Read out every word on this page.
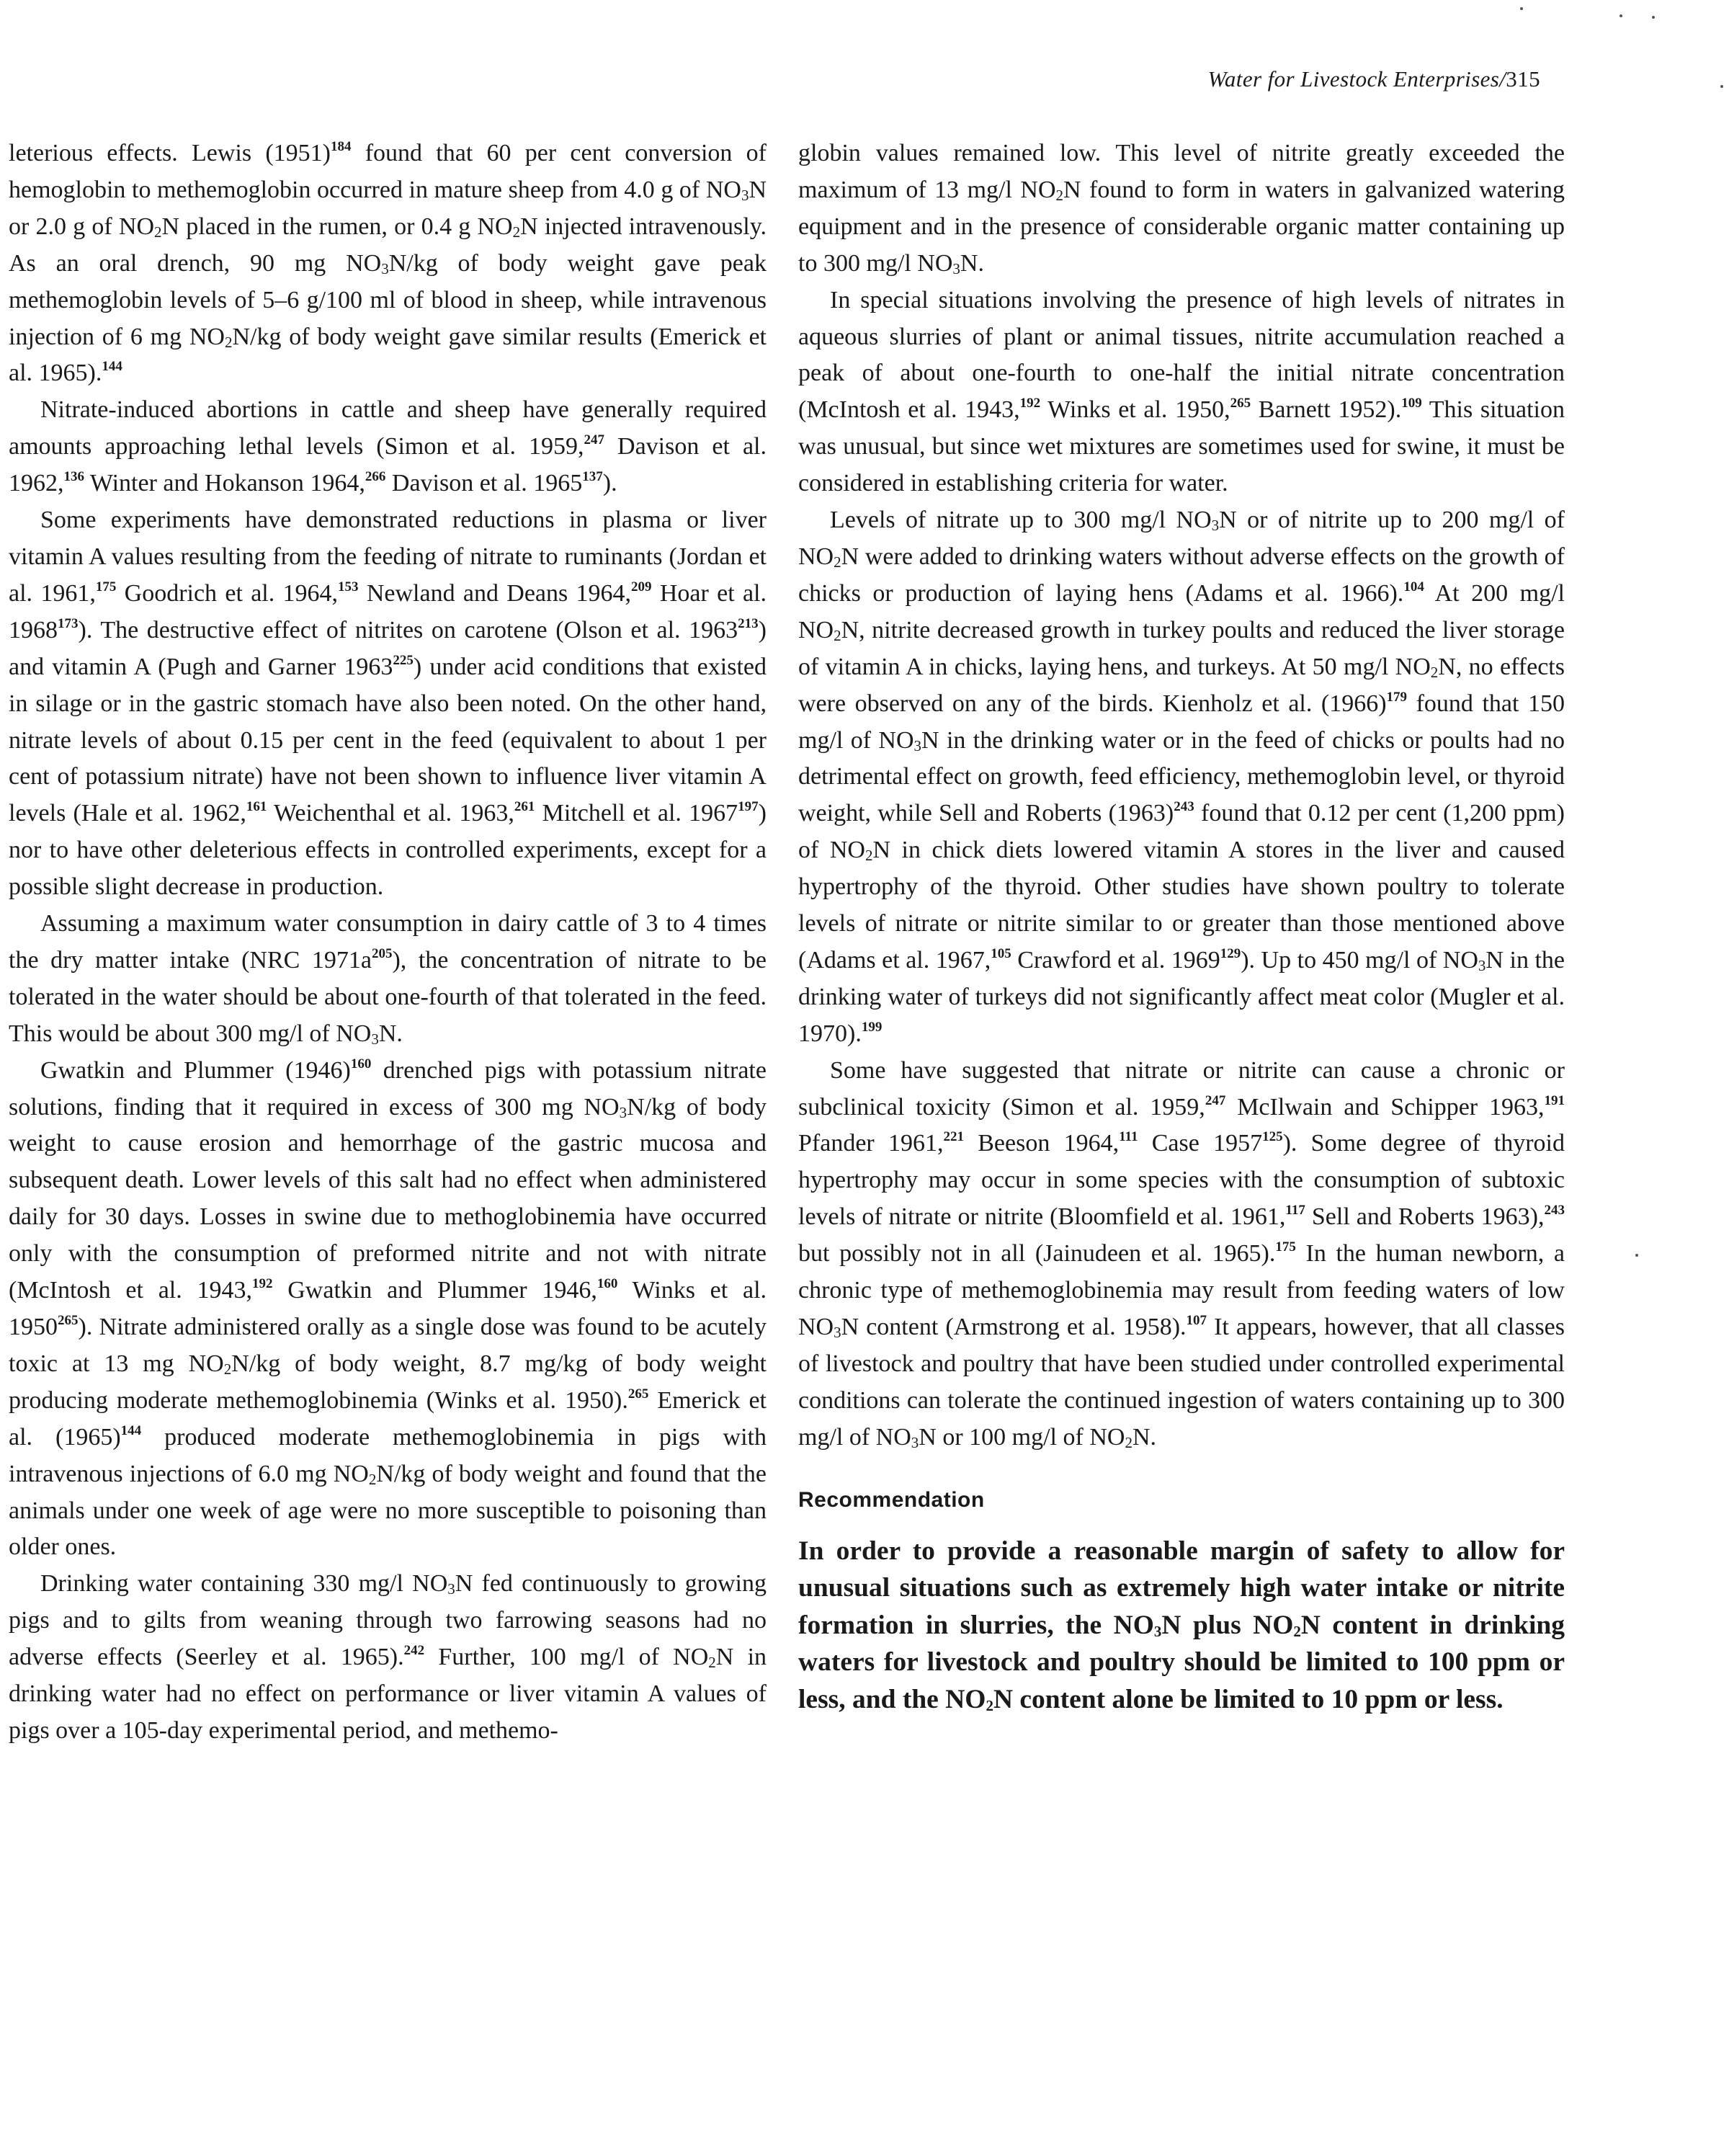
Water for Livestock Enterprises/315

leterious effects. Lewis $(1951)^{184}$ found that 60 per cent conversion of hemoglobin to methemoglobin occurred in mature sheep from 4.0 g of $NO_3N$ or 2.0 g of $NO_2N$ placed in the rumen, or 0.4 g $NO_2N$ injected intravenously. As an oral drench, 90 mg $NO_3N/kg$ of body weight gave peak methemoglobin levels of 5–6 g/100 ml of blood in sheep, while intravenous injection of 6 mg $NO_2N/kg$ of body weight gave similar results (Emerick et al. 1965).$^{144}$

Nitrate-induced abortions in cattle and sheep have generally required amounts approaching lethal levels (Simon et al. 1959,$^{247}$ Davison et al. 1962,$^{136}$ Winter and Hokanson 1964,$^{266}$ Davison et al. 1965$^{137}$).

Some experiments have demonstrated reductions in plasma or liver vitamin A values resulting from the feeding of nitrate to ruminants (Jordan et al. 1961,$^{175}$ Goodrich et al. 1964,$^{153}$ Newland and Deans 1964,$^{209}$ Hoar et al. 1968$^{173}$). The destructive effect of nitrites on carotene (Olson et al. 1963$^{213}$) and vitamin A (Pugh and Garner 1963$^{225}$) under acid conditions that existed in silage or in the gastric stomach have also been noted. On the other hand, nitrate levels of about 0.15 per cent in the feed (equivalent to about 1 per cent of potassium nitrate) have not been shown to influence liver vitamin A levels (Hale et al. 1962,$^{161}$ Weichenthal et al. 1963,$^{261}$ Mitchell et al. 1967$^{197}$) nor to have other deleterious effects in controlled experiments, except for a possible slight decrease in production.

Assuming a maximum water consumption in dairy cattle of 3 to 4 times the dry matter intake (NRC $1971a^{205}$), the concentration of nitrate to be tolerated in the water should be about one-fourth of that tolerated in the feed. This would be about 300 mg/l of $NO_3N$.

Gwatkin and Plummer $(1946)^{160}$ drenched pigs with potassium nitrate solutions, finding that it required in excess of 300 mg $NO_3N/kg$ of body weight to cause erosion and hemorrhage of the gastric mucosa and subsequent death. Lower levels of this salt had no effect when administered daily for 30 days. Losses in swine due to methoglobinemia have occurred only with the consumption of preformed nitrite and not with nitrate (McIntosh et al. 1943,$^{192}$ Gwatkin and Plummer 1946,$^{160}$ Winks et al. 1950$^{265}$). Nitrate administered orally as a single dose was found to be acutely toxic at 13 mg $NO_2N/kg$ of body weight, 8.7 mg/kg of body weight producing moderate methemoglobinemia (Winks et al. 1950).$^{265}$ Emerick et al. $(1965)^{144}$ produced moderate methemoglobinemia in pigs with intravenous injections of 6.0 mg $NO_2N/kg$ of body weight and found that the animals under one week of age were no more susceptible to poisoning than older ones.

Drinking water containing 330 mg/l $NO_3N$ fed continuously to growing pigs and to gilts from weaning through two farrowing seasons had no adverse effects (Seerley et al. 1965).$^{242}$ Further, 100 mg/l of $NO_2N$ in drinking water had no effect on performance or liver vitamin A values of pigs over a 105-day experimental period, and methemo-

globin values remained low. This level of nitrite greatly exceeded the maximum of 13 mg/l $NO_2N$ found to form in waters in galvanized watering equipment and in the presence of considerable organic matter containing up to 300 mg/l $NO_3N$.

In special situations involving the presence of high levels of nitrates in aqueous slurries of plant or animal tissues, nitrite accumulation reached a peak of about one-fourth to one-half the initial nitrate concentration (McIntosh et al. 1943,$^{192}$ Winks et al. 1950,$^{265}$ Barnett 1952).$^{109}$ This situation was unusual, but since wet mixtures are sometimes used for swine, it must be considered in establishing criteria for water.

Levels of nitrate up to 300 mg/l $NO_3N$ or of nitrite up to 200 mg/l of $NO_2N$ were added to drinking waters without adverse effects on the growth of chicks or production of laying hens (Adams et al. 1966).$^{104}$ At 200 mg/l $NO_2N$, nitrite decreased growth in turkey poults and reduced the liver storage of vitamin A in chicks, laying hens, and turkeys. At 50 mg/l $NO_2N$, no effects were observed on any of the birds. Kienholz et al. $(1966)^{179}$ found that 150 mg/l of $NO_3N$ in the drinking water or in the feed of chicks or poults had no detrimental effect on growth, feed efficiency, methemoglobin level, or thyroid weight, while Sell and Roberts $(1963)^{243}$ found that 0.12 per cent (1,200 ppm) of $NO_2N$ in chick diets lowered vitamin A stores in the liver and caused hypertrophy of the thyroid. Other studies have shown poultry to tolerate levels of nitrate or nitrite similar to or greater than those mentioned above (Adams et al. 1967,$^{105}$ Crawford et al. 1969$^{129}$). Up to 450 mg/l of $NO_3N$ in the drinking water of turkeys did not significantly affect meat color (Mugler et al. 1970).$^{199}$

Some have suggested that nitrate or nitrite can cause a chronic or subclinical toxicity (Simon et al. 1959,$^{247}$ McIlwain and Schipper 1963,$^{191}$ Pfander 1961,$^{221}$ Beeson 1964,$^{111}$ Case 1957$^{125}$). Some degree of thyroid hypertrophy may occur in some species with the consumption of subtoxic levels of nitrate or nitrite (Bloomfield et al. 1961,$^{117}$ Sell and Roberts 1963),$^{243}$ but possibly not in all (Jainudeen et al. 1965).$^{175}$ In the human newborn, a chronic type of methemoglobinemia may result from feeding waters of low $NO_3N$ content (Armstrong et al. 1958).$^{107}$ It appears, however, that all classes of livestock and poultry that have been studied under controlled experimental conditions can tolerate the continued ingestion of waters containing up to 300 mg/l of $NO_3N$ or 100 mg/l of $NO_2N$.

Recommendation
In order to provide a reasonable margin of safety to allow for unusual situations such as extremely high water intake or nitrite formation in slurries, the $NO_3N$ plus $NO_2N$ content in drinking waters for livestock and poultry should be limited to 100 ppm or less, and the $NO_2N$ content alone be limited to 10 ppm or less.
